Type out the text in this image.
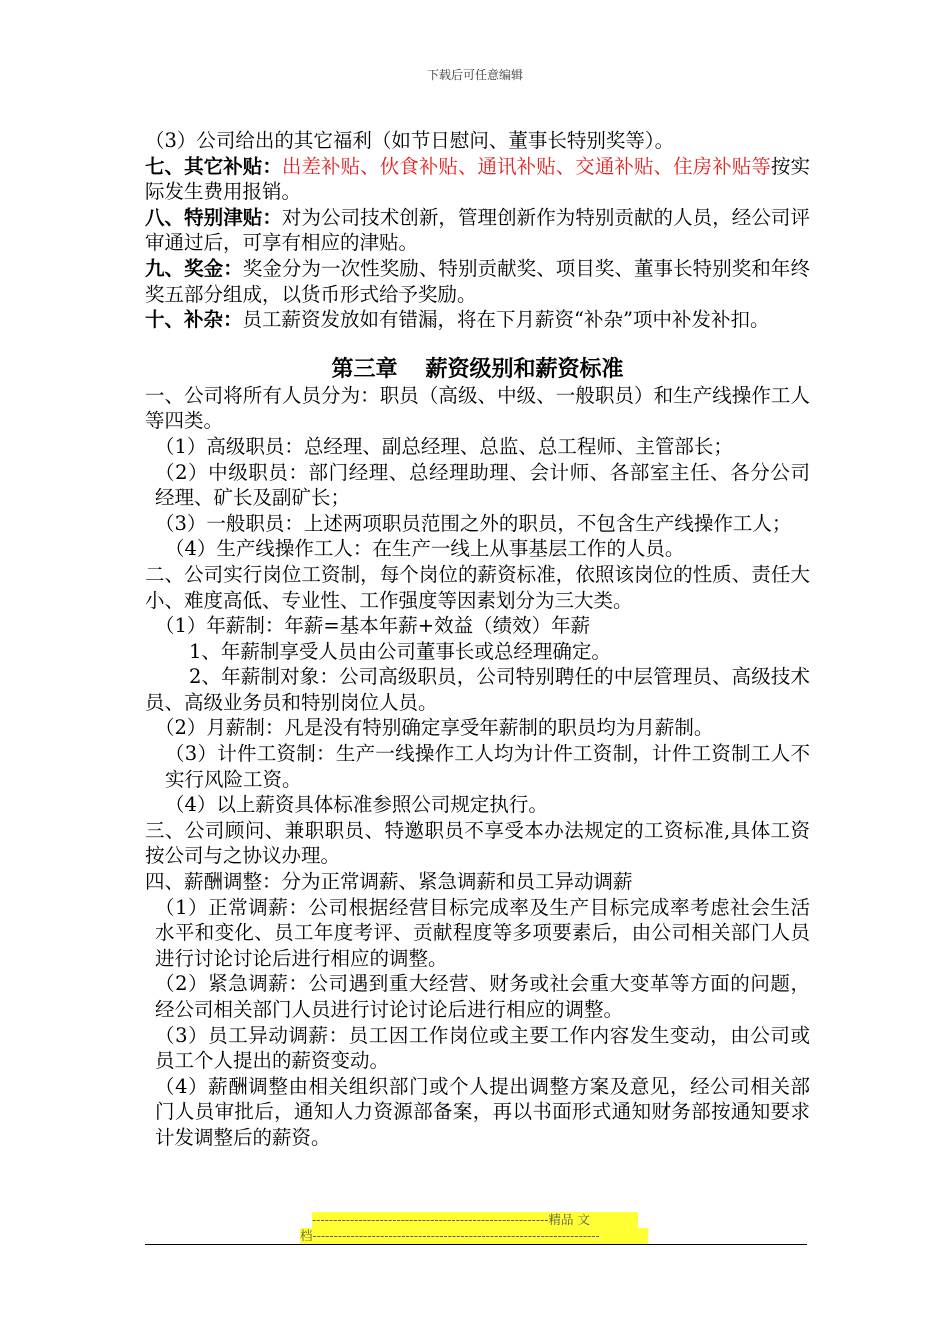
下载后可任意编辑

（3）公司给出的其它福利（如节日慰问、董事长特别奖等）。

七、其它补贴：出差补贴、伙食补贴、通讯补贴、交通补贴、住房补贴等按实际发生费用报销。

八、特别津贴：对为公司技术创新，管理创新作为特别贡献的人员，经公司评审通过后，可享有相应的津贴。

九、奖金：奖金分为一次性奖励、特别贡献奖、项目奖、董事长特别奖和年终奖五部分组成，以货币形式给予奖励。

十、补杂：员工薪资发放如有错漏，将在下月薪资“补杂”项中补发补扣。

第三章 薪资级别和薪资标准

一、公司将所有人员分为：职员（高级、中级、一般职员）和生产线操作工人等四类。

（1）高级职员：总经理、副总经理、总监、总工程师、主管部长；

（2）中级职员：部门经理、总经理助理、会计师、各部室主任、各分公司经理、矿长及副矿长；

（3）一般职员：上述两项职员范围之外的职员，不包含生产线操作工人；

（4）生产线操作工人：在生产一线上从事基层工作的人员。

二、公司实行岗位工资制，每个岗位的薪资标准，依照该岗位的性质、责任大小、难度高低、专业性、工作强度等因素划分为三大类。

（1）年薪制：年薪=基本年薪+效益（绩效）年薪

1、年薪制享受人员由公司董事长或总经理确定。

2、年薪制对象：公司高级职员，公司特别聘任的中层管理员、高级技术员、高级业务员和特别岗位人员。

（2）月薪制：凡是没有特别确定享受年薪制的职员均为月薪制。

（3）计件工资制：生产一线操作工人均为计件工资制，计件工资制工人不实行风险工资。

（4）以上薪资具体标准参照公司规定执行。

三、公司顾问、兼职职员、特邀职员不享受本办法规定的工资标准,具体工资按公司与之协议办理。

四、薪酬调整：分为正常调薪、紧急调薪和员工异动调薪

（1）正常调薪：公司根据经营目标完成率及生产目标完成率考虑社会生活水平和变化、员工年度考评、贡献程度等多项要素后，由公司相关部门人员进行讨论讨论后进行相应的调整。

（2）紧急调薪：公司遇到重大经营、财务或社会重大变革等方面的问题，经公司相关部门人员进行讨论讨论后进行相应的调整。

（3）员工异动调薪：员工因工作岗位或主要工作内容发生变动，由公司或员工个人提出的薪资变动。

（4）薪酬调整由相关组织部门或个人提出调整方案及意见，经公司相关部门人员审批后，通知人力资源部备案，再以书面形式通知财务部按通知要求计发调整后的薪资。

--------------------------------------------------------精品 文
档--------------------------------------------------------------------
